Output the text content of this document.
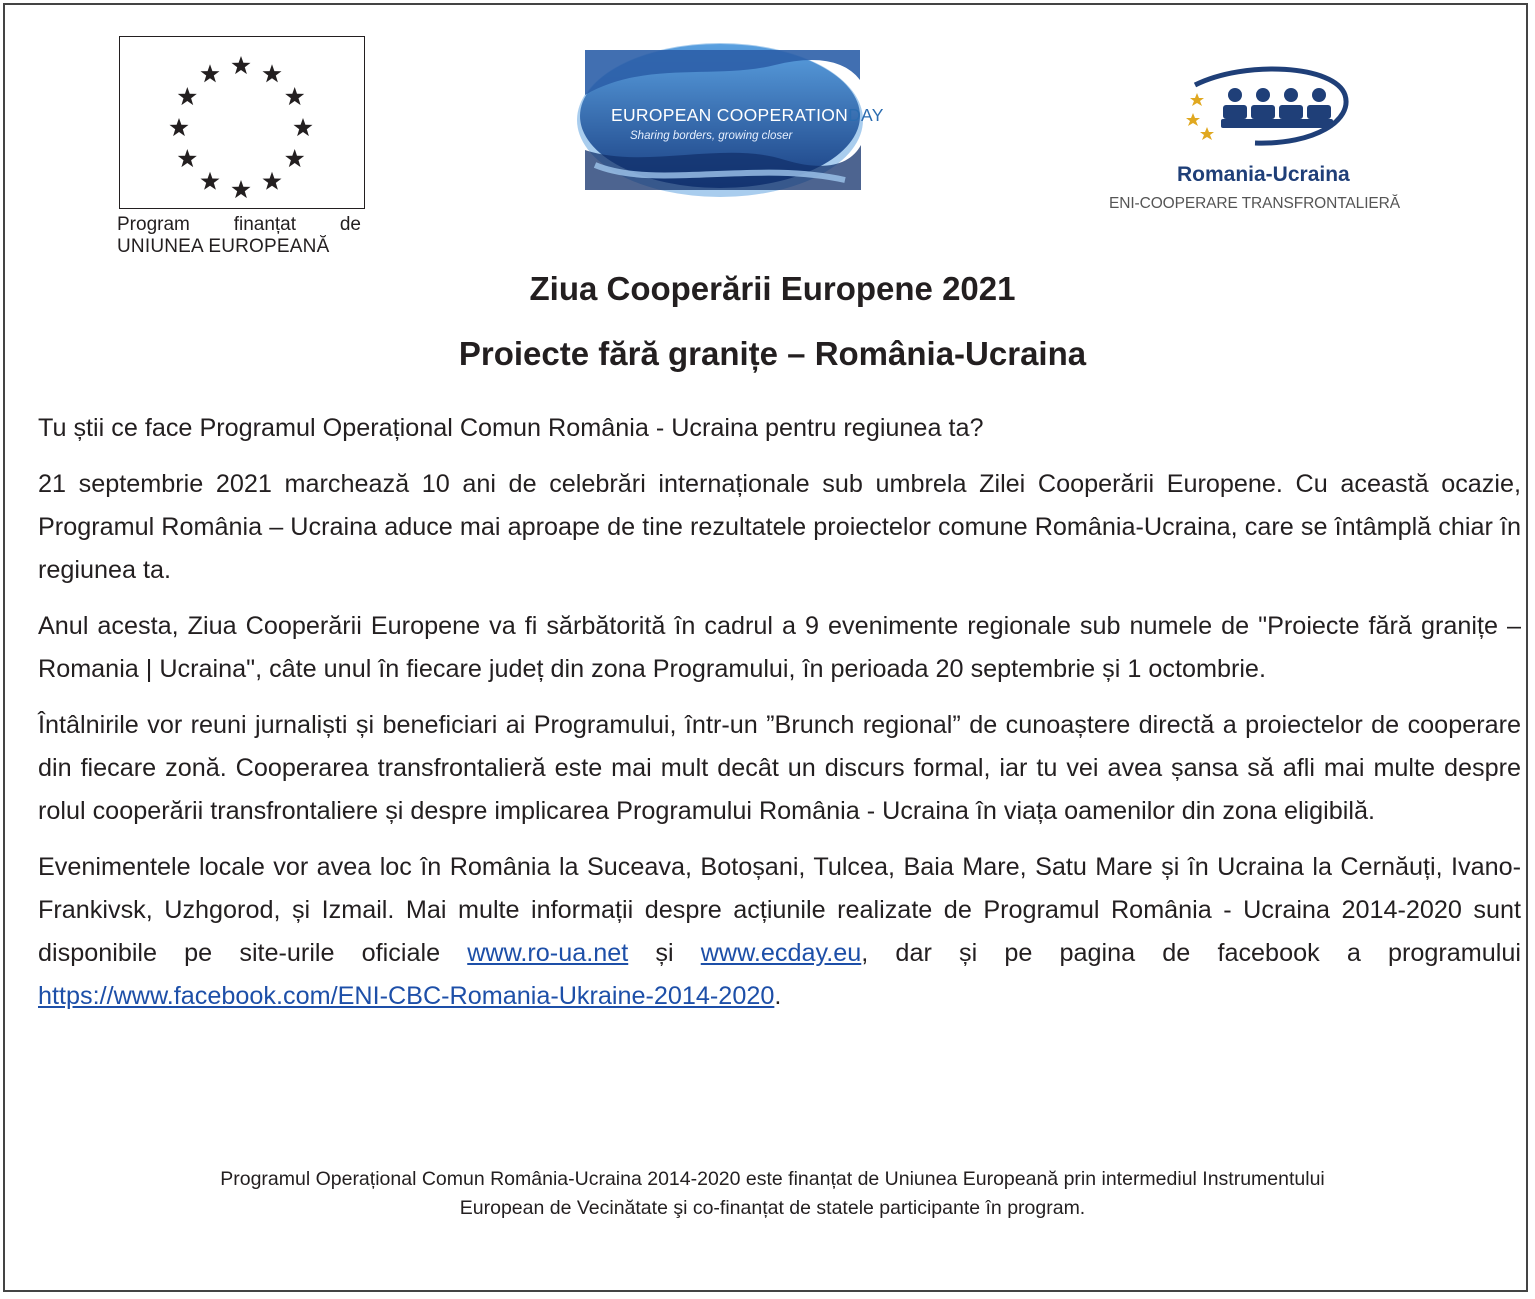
Program finanțat de
UNIUNEA EUROPEANĂ
EUROPEAN COOPERATIONDAY
Sharing borders, growing closer
Romania-Ucraina
ENI-COOPERARE TRANSFRONTALIERĂ
Ziua Cooperării Europene 2021
Proiecte fără granițe – România-Ucraina

Tu știi ce face Programul Operațional Comun România - Ucraina pentru regiunea ta?

21 septembrie 2021 marchează 10 ani de celebrări internaționale sub umbrela Zilei Cooperării Europene. Cu această ocazie, Programul România – Ucraina aduce mai aproape de tine rezultatele proiectelor comune România-Ucraina, care se întâmplă chiar în regiunea ta.

Anul acesta, Ziua Cooperării Europene va fi sărbătorită în cadrul a 9 evenimente regionale sub numele de "Proiecte fără granițe – Romania | Ucraina", câte unul în fiecare județ din zona Programului, în perioada 20 septembrie și 1 octombrie.

Întâlnirile vor reuni jurnaliști și beneficiari ai Programului, într-un ”Brunch regional” de cunoaștere directă a proiectelor de cooperare din fiecare zonă. Cooperarea transfrontalieră este mai mult decât un discurs formal, iar tu vei avea șansa să afli mai multe despre rolul cooperării transfrontaliere și despre implicarea Programului România - Ucraina în viața oamenilor din zona eligibilă.

Evenimentele locale vor avea loc în România la Suceava, Botoșani, Tulcea, Baia Mare, Satu Mare și în Ucraina la Cernăuți, Ivano-Frankivsk, Uzhgorod, și Izmail. Mai multe informații despre acțiunile realizate de Programul România - Ucraina 2014-2020 sunt disponibile pe site-urile oficiale www.ro-ua.net și www.ecday.eu, dar și pe pagina de facebook a programului https://www.facebook.com/ENI-CBC-Romania-Ukraine-2014-2020.

Programul Operațional Comun România-Ucraina 2014-2020 este finanțat de Uniunea Europeană prin intermediul Instrumentului
European de Vecinătate şi co-finanțat de statele participante în program.
